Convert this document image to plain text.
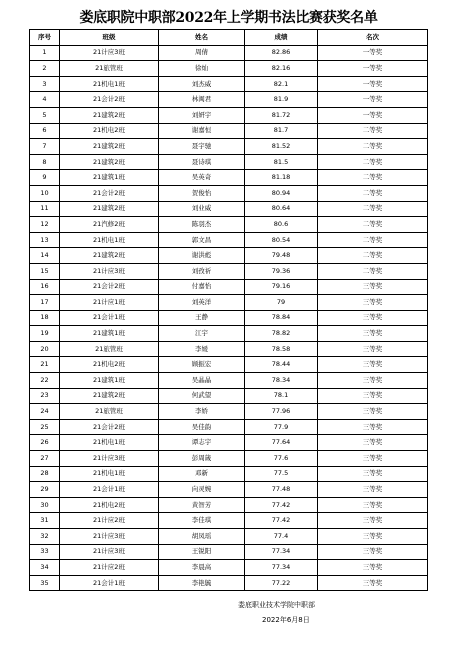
娄底职院中职部2022年上学期书法比赛获奖名单
序号	班级	姓名	成绩	名次
1	21计应3班	周倩	82.86	一等奖
2	21旅管班	徐灿	82.16	一等奖
3	21机电1班	刘杰威	82.1	一等奖
4	21会计2班	林闽君	81.9	一等奖
5	21建筑2班	刘妍宇	81.72	一等奖
6	21机电2班	谢嘉恒	81.7	二等奖
7	21建筑2班	聂宇驰	81.52	二等奖
8	21建筑2班	聂诗琪	81.5	二等奖
9	21建筑1班	吴英奇	81.18	二等奖
10	21会计2班	贺俊怡	80.94	二等奖
11	21建筑2班	刘业威	80.64	二等奖
12	21汽修2班	陈羽杰	80.6	二等奖
13	21机电1班	郭文昌	80.54	二等奖
14	21建筑2班	谢洪彪	79.48	二等奖
15	21计应3班	刘孜祈	79.36	二等奖
16	21会计2班	付嘉怡	79.16	三等奖
17	21计应1班	刘英洋	79	三等奖
18	21会计1班	王静	78.84	三等奖
19	21建筑1班	江宇	78.82	三等奖
20	21旅管班	李媛	78.58	三等奖
21	21机电2班	顾振宏	78.44	三等奖
22	21建筑1班	吴晶晶	78.34	三等奖
23	21建筑2班	何武望	78.1	三等奖
24	21旅管班	李娇	77.96	三等奖
25	21会计2班	吴佳韵	77.9	三等奖
26	21机电1班	谭志宇	77.64	三等奖
27	21计应3班	彭周箴	77.6	三等奖
28	21机电1班	邓新	77.5	三等奖
29	21会计1班	向灵婉	77.48	三等奖
30	21机电2班	黄智芳	77.42	三等奖
31	21计应2班	李佳琪	77.42	三等奖
32	21计应3班	胡凤瑶	77.4	三等奖
33	21计应3班	王锐阳	77.34	三等奖
34	21计应2班	李晨高	77.34	三等奖
35	21会计1班	李艳毓	77.22	三等奖
娄底职业技术学院中职部
2022年6月8日
